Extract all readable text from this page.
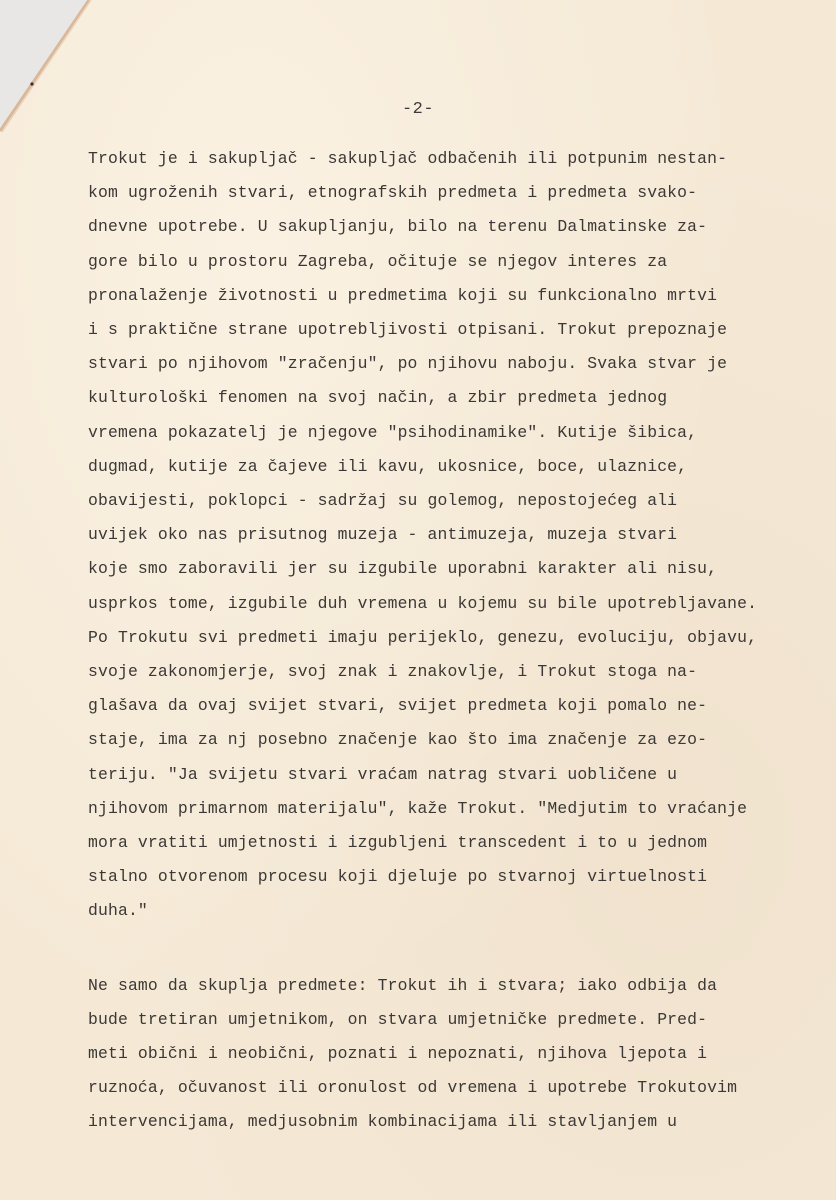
-2-
Trokut je i sakupljač - sakupljač odbačenih ili potpunim nestan-
kom ugroženih stvari, etnografskih predmeta i predmeta svako-
dnevne upotrebe. U sakupljanju, bilo na terenu Dalmatinske za-
gore bilo u prostoru Zagreba, očituje se njegov interes za
pronalaženje životnosti u predmetima koji su funkcionalno mrtvi
i s praktične strane upotrebljivosti otpisani. Trokut prepoznaje
stvari po njihovom "zračenju", po njihovu naboju. Svaka stvar je
kulturološki fenomen na svoj način, a zbir predmeta jednog
vremena pokazatelj je njegove "psihodinamike". Kutije šibica,
dugmad, kutije za čajeve ili kavu, ukosnice, boce, ulaznice,
obavijesti, poklopci - sadržaj su golemog, nepostojećeg ali
uvijek oko nas prisutnog muzeja - antimuzeja, muzeja stvari
koje smo zaboravili jer su izgubile uporabni karakter ali nisu,
usprkos tome, izgubile duh vremena u kojemu su bile upotrebljavane.
Po Trokutu svi predmeti imaju perijeklo, genezu, evoluciju, objavu,
svoje zakonomjerje, svoj znak i znakovlje, i Trokut stoga na-
glašava da ovaj svijet stvari, svijet predmeta koji pomalo ne-
staje, ima za nj posebno značenje kao što ima značenje za ezo-
teriju. "Ja svijetu stvari vraćam natrag stvari uobličene u
njihovom primarnom materijalu", kaže Trokut. "Medjutim to vraćanje
mora vratiti umjetnosti i izgubljeni transcedent i to u jednom
stalno otvorenom procesu koji djeluje po stvarnoj virtuelnosti
duha."
Ne samo da skuplja predmete: Trokut ih i stvara; iako odbija da
bude tretiran umjetnikom, on stvara umjetničke predmete. Pred-
meti obični i neobični, poznati i nepoznati, njihova ljepota i
ruznoća, očuvanost ili oronulost od vremena i upotrebe Trokutovim
intervencijama, medjusobnim kombinacijama ili stavljanjem u
